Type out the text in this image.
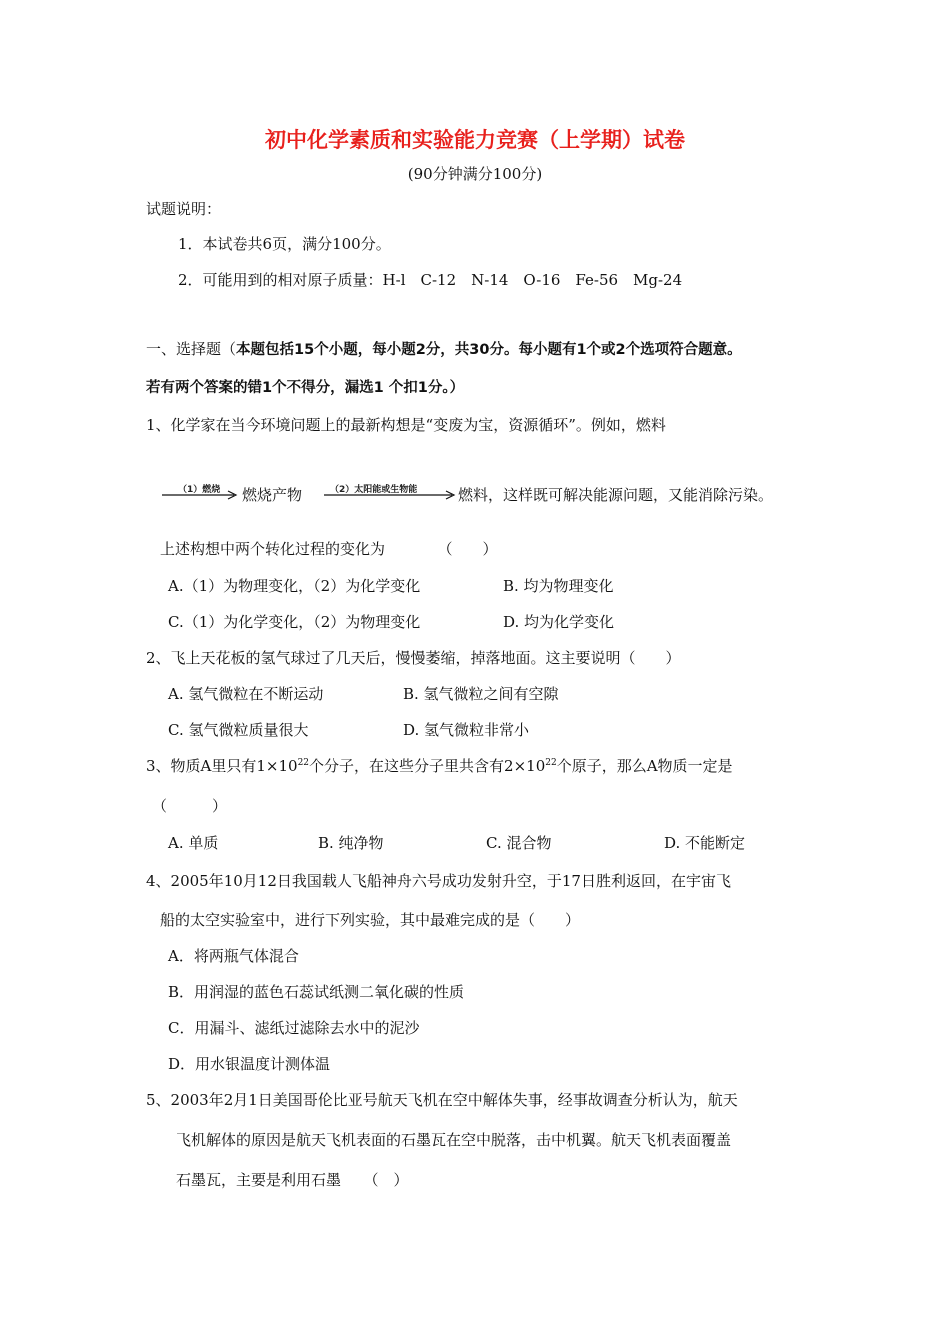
初中化学素质和实验能力竞赛（上学期）试卷
(90分钟满分100分)
试题说明：
1．本试卷共6页，满分100分。
2．可能用到的相对原子质量：H-l　C-12　N-14　O-16　Fe-56　Mg-24
一、选择题（本题包括15个小题，每小题2分，共30分。每小题有1个或2个选项符合题意。
若有两个答案的错1个不得分，漏选1 个扣1分。）
1、化学家在当今环境问题上的最新构想是“变废为宝，资源循环”。例如，燃料
（1）燃烧 燃烧产物	（2）太阳能或生物能	燃料，这样既可解决能源问题，又能消除污染。
上述构想中两个转化过程的变化为　　　　（　　）
A.（1）为物理变化，（2）为化学变化	B. 均为物理变化
C.（1）为化学变化，（2）为物理变化	D. 均为化学变化
2、飞上天花板的氢气球过了几天后，慢慢萎缩，掉落地面。这主要说明（　　）
A. 氢气微粒在不断运动	B. 氢气微粒之间有空隙
C. 氢气微粒质量很大	D. 氢气微粒非常小
3、物质A里只有$1\times 10^{22}$个分子，在这些分子里共含有$2\times 10^{22}$个原子，那么A物质一定是
（　　　）
A. 单质	B. 纯净物	C. 混合物	D. 不能断定
4、2005年10月12日我国载人飞船神舟六号成功发射升空，于17日胜利返回，在宇宙飞
船的太空实验室中，进行下列实验，其中最难完成的是（　　）
A．将两瓶气体混合
B．用润湿的蓝色石蕊试纸测二氧化碳的性质
C．用漏斗、滤纸过滤除去水中的泥沙
D．用水银温度计测体温
5、2003年2月1日美国哥伦比亚号航天飞机在空中解体失事，经事故调查分析认为，航天
飞机解体的原因是航天飞机表面的石墨瓦在空中脱落，击中机翼。航天飞机表面覆盖
石墨瓦，主要是利用石墨　　（　）
